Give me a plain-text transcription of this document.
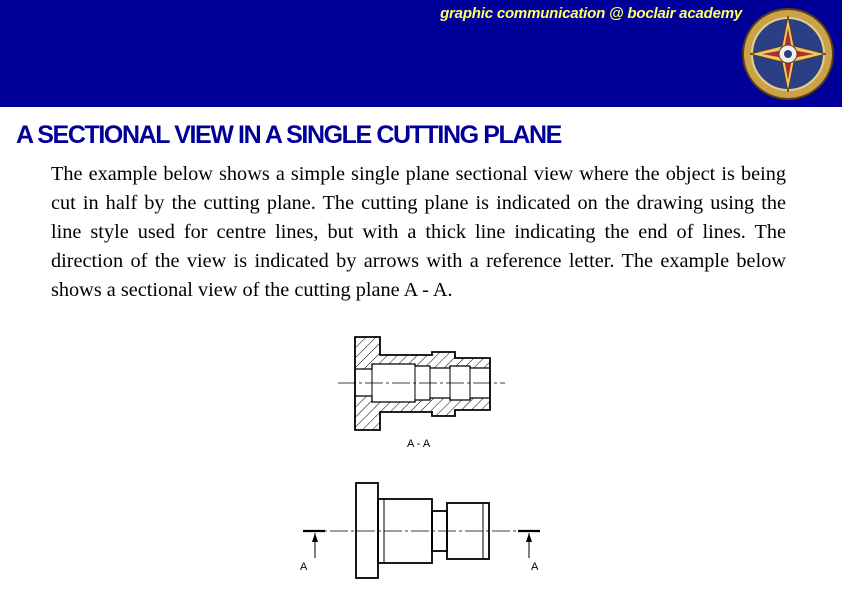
graphic communication @ boclair academy
A SECTIONAL VIEW IN A SINGLE CUTTING PLANE

The example below shows a simple single plane sectional view where the object is being cut in half by the cutting plane. The cutting plane is indicated on the drawing using the line style used for centre lines, but with a thick line indicating the end of lines. The direction of the view is indicated by arrows with a reference letter. The example below shows a sectional view of the cutting plane A - A.

A - A
A	A
